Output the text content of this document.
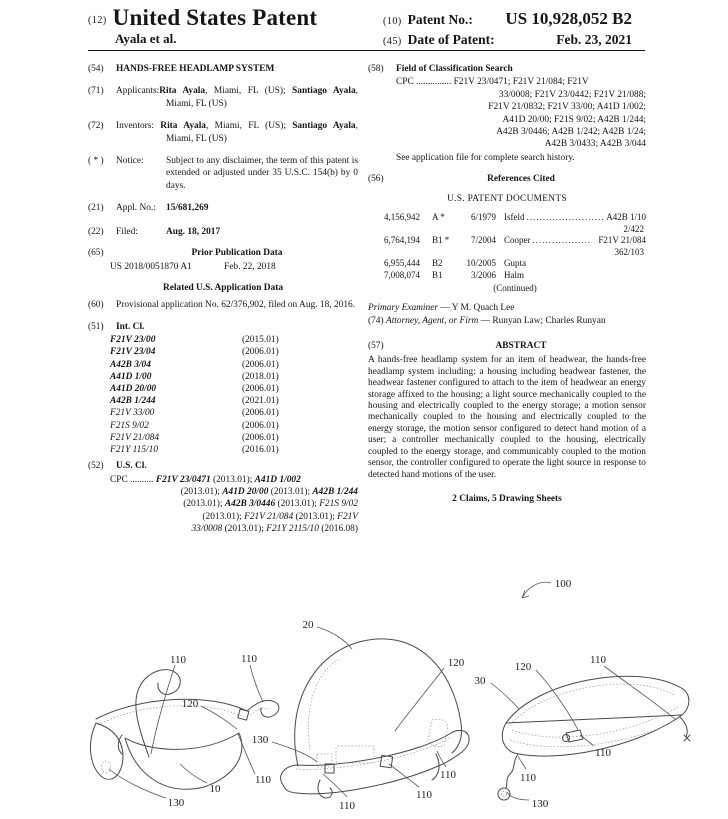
(12) United States Patent
Ayala et al.
(10) Patent No.: US 10,928,052 B2
(45) Date of Patent:	Feb. 23, 2021
(54)	HANDS-FREE HEADLAMP SYSTEM
(71)	Applicants:Rita Ayala, Miami, FL (US); Santiago Ayala, Miami, FL (US)

(72)	Inventors: Rita Ayala, Miami, FL (US); Santiago Ayala, Miami, FL (US)

( * )	Notice:	Subject to any disclaimer, the term of this patent is extended or adjusted under 35 U.S.C. 154(b) by 0 days.
(21)	Appl. No.:	15/681,269
(22)	Filed:	Aug. 18, 2017
(65)	Prior Publication Data
US 2018/0051870 A1	Feb. 22, 2018
Related U.S. Application Data
(60)	Provisional application No. 62/376,902, filed on Aug. 18, 2016.
(51)	Int. Cl.
F21V 23/00	(2015.01)
F21V 23/04	(2006.01)
A42B 3/04	(2006.01)
A41D 1/00	(2018.01)
A41D 20/00	(2006.01)
A42B 1/244	(2021.01)
F21V 33/00	(2006.01)
F21S 9/02	(2006.01)
F21V 21/084	(2006.01)
F21Y 115/10	(2016.01)
(52)	U.S. Cl.
CPC .......... F21V 23/0471 (2013.01); A41D 1/002
(2013.01); A41D 20/00 (2013.01); A42B 1/244
(2013.01); A42B 3/0446 (2013.01); F21S 9/02
(2013.01); F21V 21/084 (2013.01); F21V
33/0008 (2013.01); F21Y 2115/10 (2016.08)
(58)	Field of Classification Search
CPC ............... F21V 23/0471; F21V 21/084; F21V
33/0008; F21V 23/0442; F21V 21/088;
F21V 21/0832; F21V 33/00; A41D 1/002;
A41D 20/00; F21S 9/02; A42B 1/244;
A42B 3/0446; A42B 1/242; A42B 1/24;
A42B 3/0433; A42B 3/044
See application file for complete search history.
(56)	References Cited
U.S. PATENT DOCUMENTS
4,156,942	A *	6/1979 Isfeld ........................ A42B 1/10
2/422
6,764,194	B1 *	7/2004 Cooper .................. F21V 21/084
362/103
6,955,444	B2	10/2005 Gupta
7,008,074	B1	3/2006 Halm
(Continued)

Primary Examiner — Y M. Quach Lee

(74) Attorney, Agent, or Firm — Runyan Law; Charles Runyan

(57)	ABSTRACT

A hands-free headlamp system for an item of headwear, the hands-free headlamp system including: a housing including headwear fastener, the headwear fastener configured to attach to the item of headwear an energy storage affixed to the housing; a light source mechanically coupled to the housing and electrically coupled to the energy storage; a motion sensor mechanically coupled to the housing and electrically coupled to the energy storage, the motion sensor configured to detect hand motion of a user; a controller mechanically coupled to the housing, electrically coupled to the energy storage, and communicably coupled to the motion sensor, the controller configured to operate the light source in response to detected hand motions of the user.

2 Claims, 5 Drawing Sheets
100
110	110
120
10
110
130
20
120
130
110
110
110
30
120
110
110
110
130
